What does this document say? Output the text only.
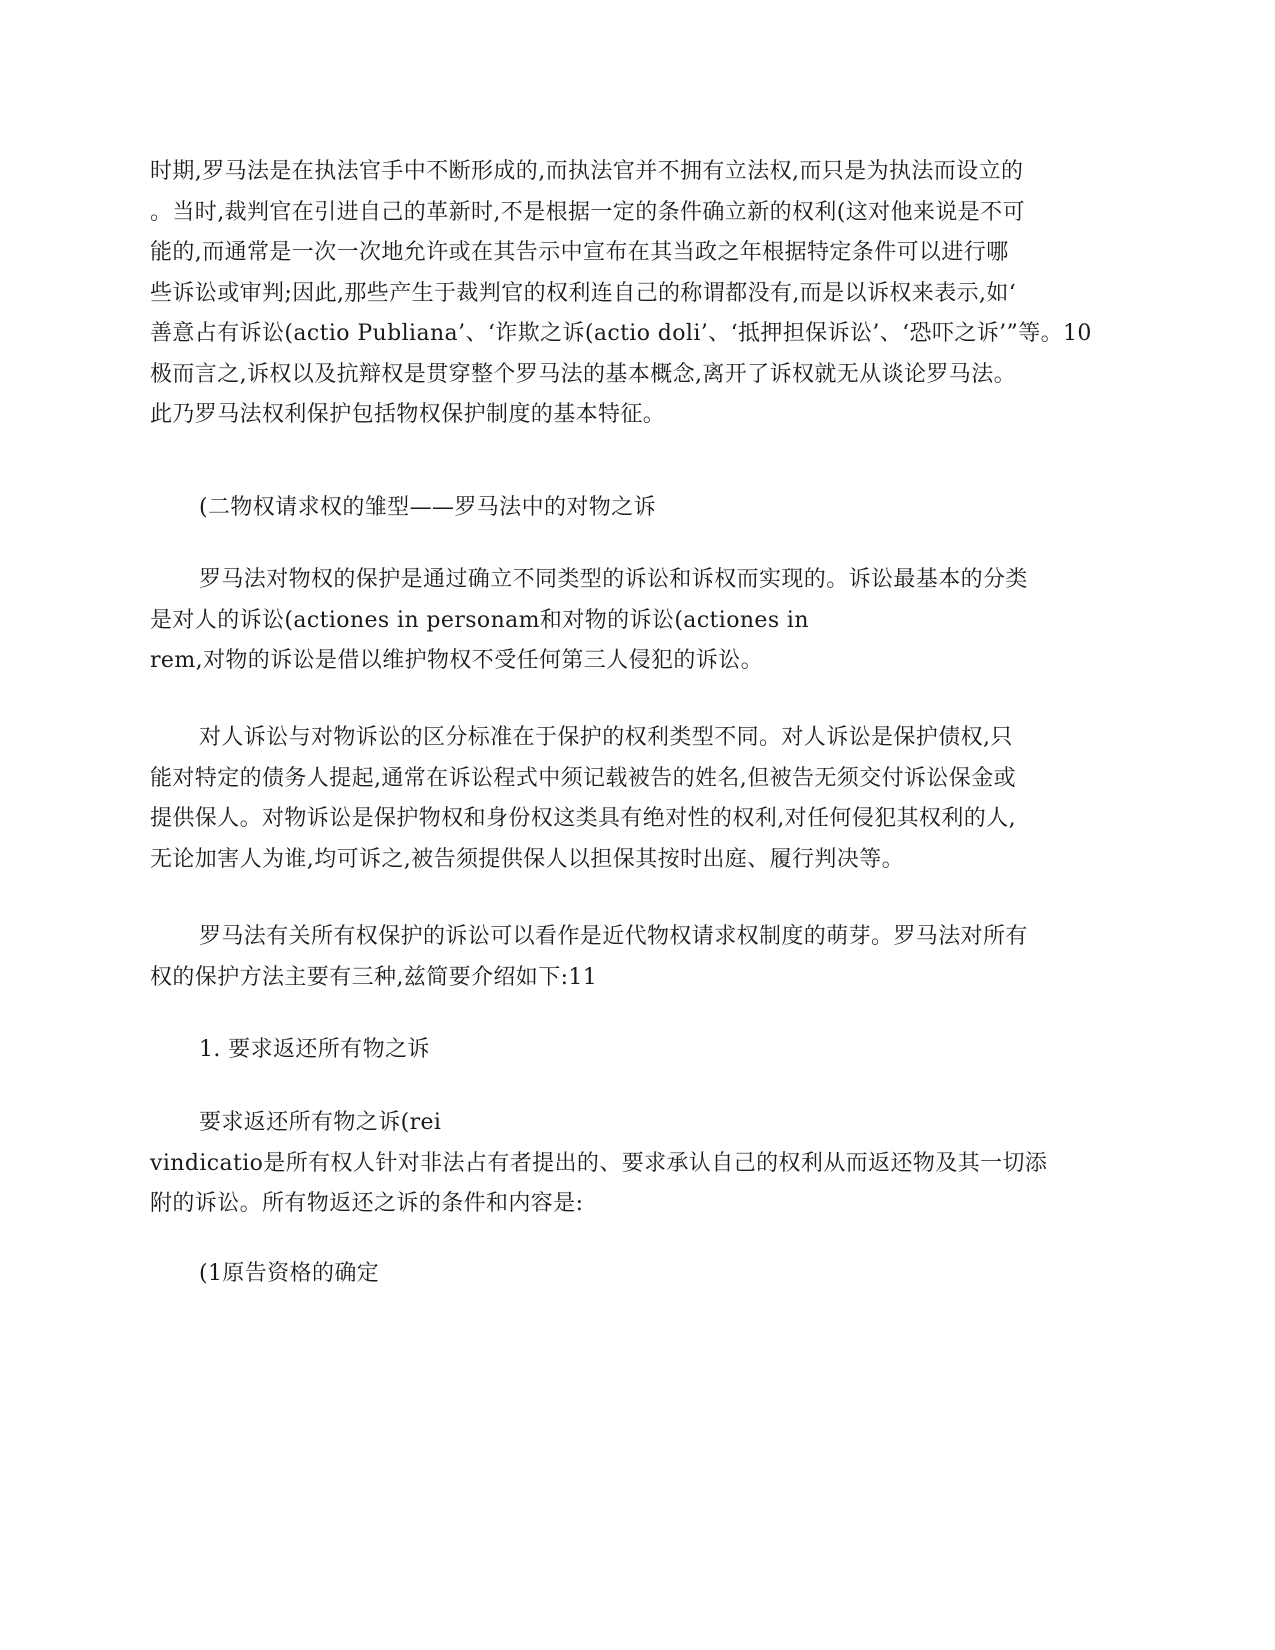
时期,罗马法是在执法官手中不断形成的,而执法官并不拥有立法权,而只是为执法而设立的
。当时,裁判官在引进自己的革新时,不是根据一定的条件确立新的权利(这对他来说是不可
能的,而通常是一次一次地允许或在其告示中宣布在其当政之年根据特定条件可以进行哪
些诉讼或审判;因此,那些产生于裁判官的权利连自己的称谓都没有,而是以诉权来表示,如‘
善意占有诉讼(actio Publiana’、‘诈欺之诉(actio doli’、‘抵押担保诉讼’、‘恐吓之诉’”等。10
极而言之,诉权以及抗辩权是贯穿整个罗马法的基本概念,离开了诉权就无从谈论罗马法。
此乃罗马法权利保护包括物权保护制度的基本特征。
(二物权请求权的雏型——罗马法中的对物之诉
罗马法对物权的保护是通过确立不同类型的诉讼和诉权而实现的。诉讼最基本的分类
是对人的诉讼(actiones in personam和对物的诉讼(actiones in
rem,对物的诉讼是借以维护物权不受任何第三人侵犯的诉讼。
对人诉讼与对物诉讼的区分标准在于保护的权利类型不同。对人诉讼是保护债权,只
能对特定的债务人提起,通常在诉讼程式中须记载被告的姓名,但被告无须交付诉讼保金或
提供保人。对物诉讼是保护物权和身份权这类具有绝对性的权利,对任何侵犯其权利的人,
无论加害人为谁,均可诉之,被告须提供保人以担保其按时出庭、履行判决等。
罗马法有关所有权保护的诉讼可以看作是近代物权请求权制度的萌芽。罗马法对所有
权的保护方法主要有三种,兹简要介绍如下:11
1. 要求返还所有物之诉
要求返还所有物之诉(rei
vindicatio是所有权人针对非法占有者提出的、要求承认自己的权利从而返还物及其一切添
附的诉讼。所有物返还之诉的条件和内容是:
(1原告资格的确定
